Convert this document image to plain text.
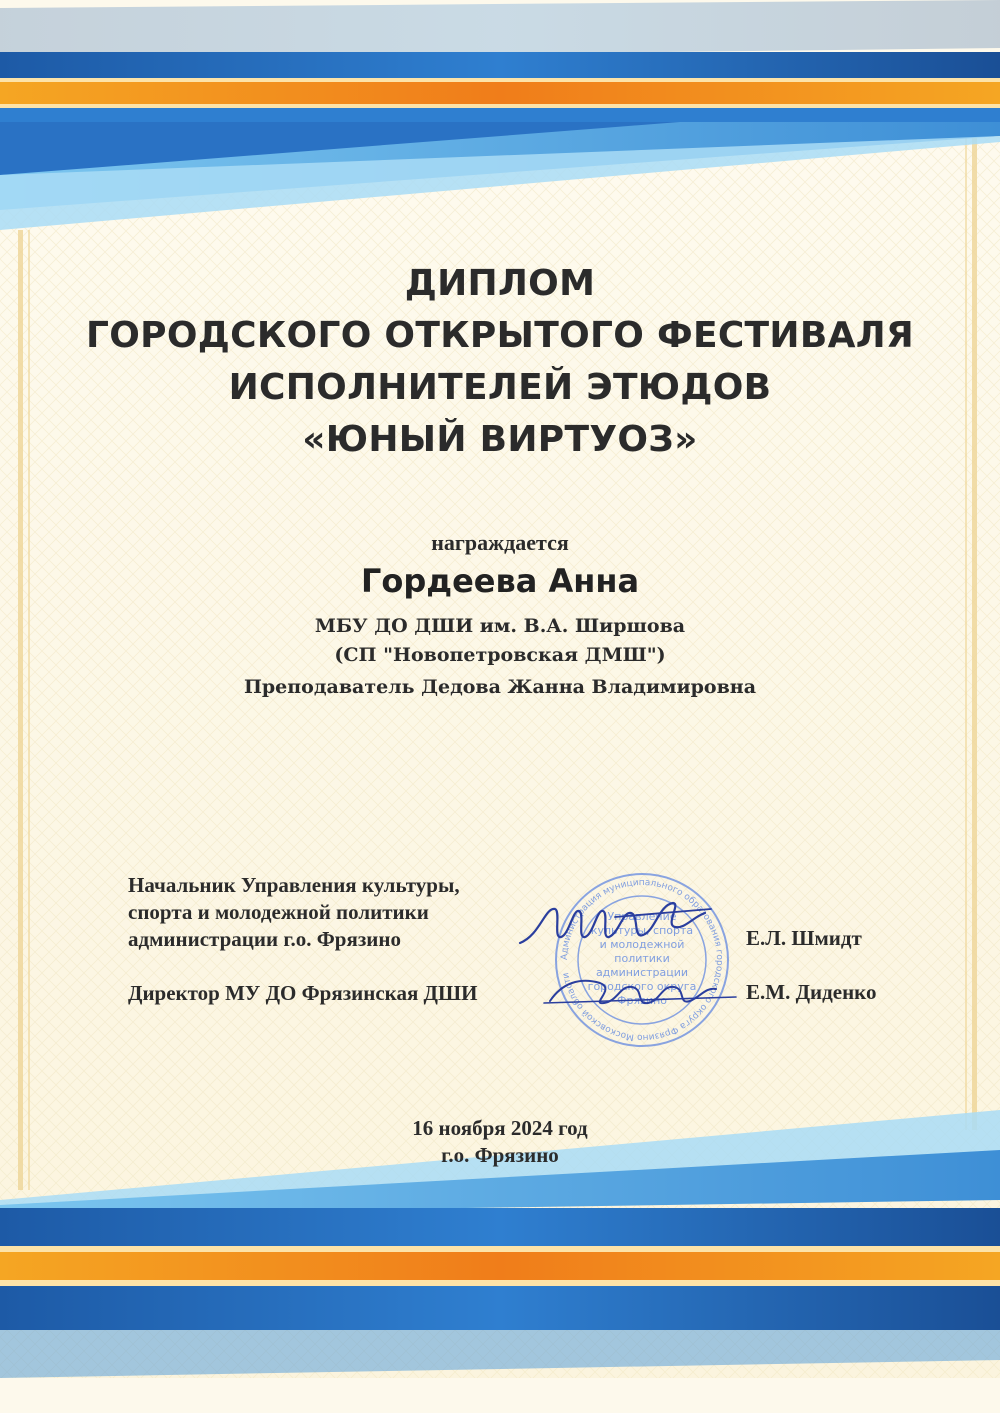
ДИПЛОМ
ГОРОДСКОГО ОТКРЫТОГО ФЕСТИВАЛЯ
ИСПОЛНИТЕЛЕЙ ЭТЮДОВ
«ЮНЫЙ ВИРТУОЗ»
награждается
Гордеева Анна
МБУ ДО ДШИ им. В.А. Ширшова
(СП "Новопетровская ДМШ")
Преподаватель Дедова Жанна Владимировна
Администрация муниципального образования городского округа Фрязино Московской области
Управление
культуры, спорта
и молодежной
политики
администрации
городского округа
Фрязино
Начальник Управления культуры,
спорта и молодежной политики
администрации г.о. Фрязино	Е.Л. Шмидт
Директор МУ ДО Фрязинская ДШИ	Е.М. Диденко
16 ноября 2024 год
г.о. Фрязино
